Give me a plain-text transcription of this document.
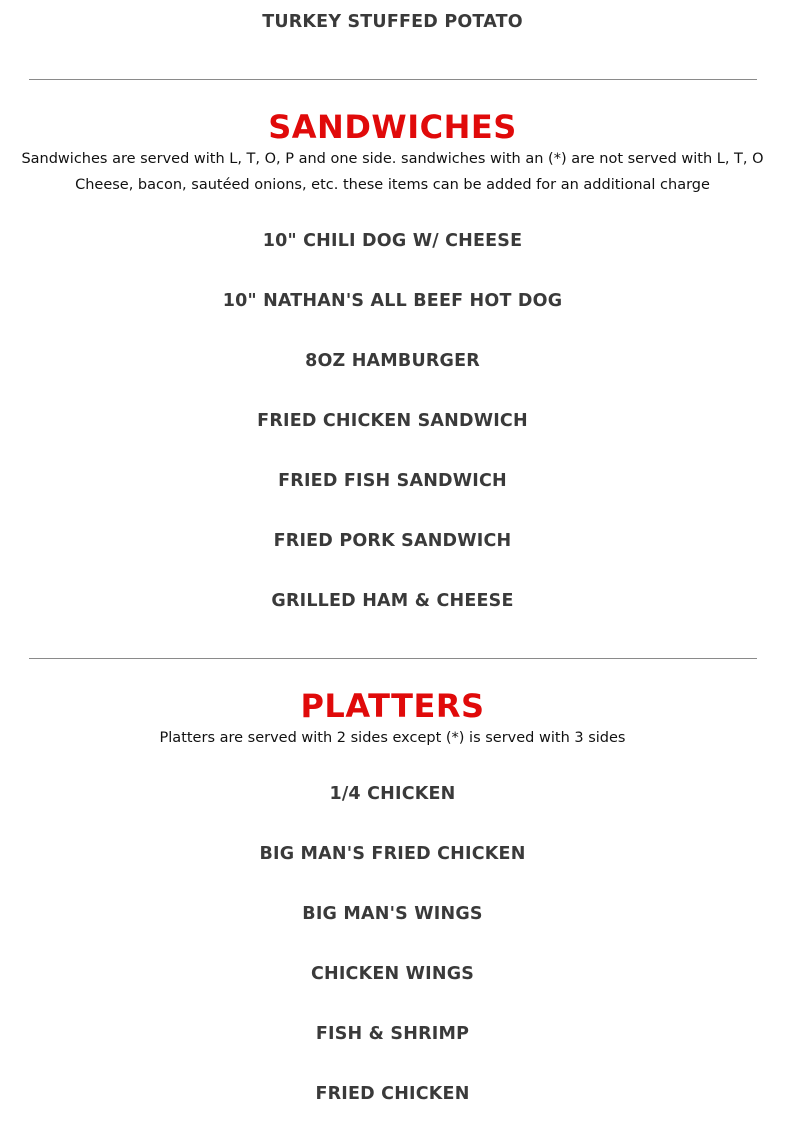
TURKEY STUFFED POTATO
SANDWICHES
Sandwiches are served with L, T, O, P and one side. sandwiches with an (*) are not served with L, T, O
Cheese, bacon, sautéed onions, etc. these items can be added for an additional charge
10" CHILI DOG W/ CHEESE
10" NATHAN'S ALL BEEF HOT DOG
8OZ HAMBURGER
FRIED CHICKEN SANDWICH
FRIED FISH SANDWICH
FRIED PORK SANDWICH
GRILLED HAM & CHEESE
PLATTERS
Platters are served with 2 sides except (*) is served with 3 sides
1/4 CHICKEN
BIG MAN'S FRIED CHICKEN
BIG MAN'S WINGS
CHICKEN WINGS
FISH & SHRIMP
FRIED CHICKEN
